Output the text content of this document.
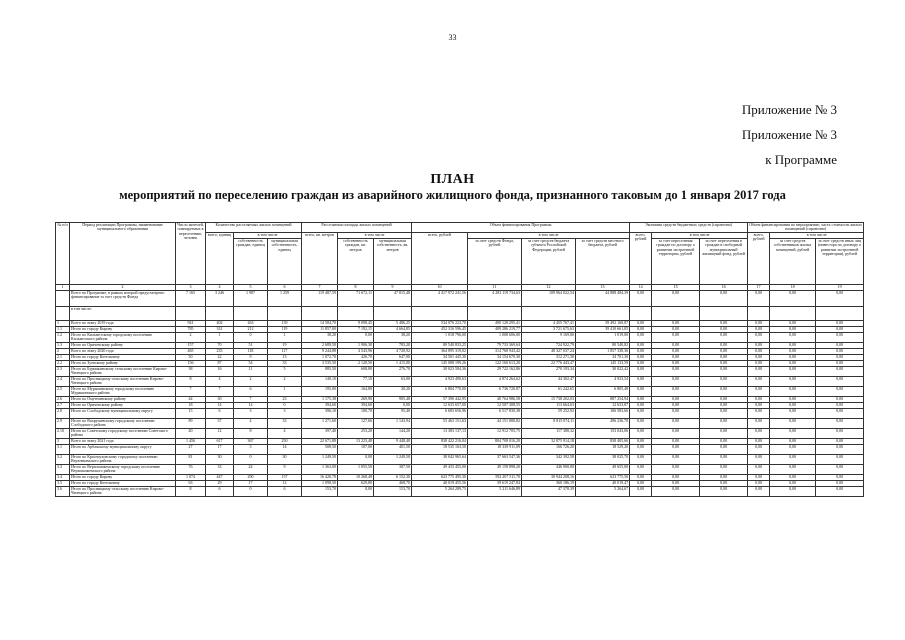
33
Приложение № 3
Приложение № 3
к Программе
ПЛАН
мероприятий по переселению граждан из аварийного жилищного фонда, признанного таковым до 1 января 2017 года
№ п/п	Период реализации Программы, наименование муниципального образования	Число жителей, планируемых к переселению, человек	Количество расселяемых жилых помещений			Расселяемая площадь жилых помещений			Объем финансирования Программы				Экономия средств бюджетных средств (справочно)			Объем финансирования по мероприятию, часть стоимости жилых помещений (справочно)		
			всего, единиц	в том числе		всего, кв. метров	в том числе		всего, рублей	в том числе			всего, рублей	в том числе		всего, рублей	в том числе	
				собственность граждан, единиц	муниципальная собственность, единиц		собственность граждан, кв. метров	муниципальная собственность, кв. метров		за счет средств Фонда, рублей	за счет средств бюджета субъекта Российской Федерации, рублей	за счет средств местного бюджета, рублей		за счет переселения граждан по договору о развитии застроенной территории, рублей	за счет переселения в граждан в свободный муниципальный жилищный фонд, рублей		за счет средств собственников жилых помещений, рублей	за счет средств иных лиц (инвестора по договору о развитии застроенной территории), рублей
1	2	3	4	5	6	7	8	9	10	11	12	13	14	15	16	17	18	19
	Всего по Программе, в рамках которой предусмотрено финансирование за счет средств Фонда	7 165	3 246	1 987	1 259	119 487,59	71 672,11	47 815,48	4 417 972 241,56	4 283 119 734,63	109 964 022,54	44 888 484,39	0,00	0,00	0,00	0,00	0,00	0,00
	в том числе:																	
1	Всего по этапу 2019 года	941	402	263	139	14 584,70	9 098,45	5 486,25	534 076 223,70	490 128 295,41	4 455 767,41	39 492 160,87	0,00	0,00	0,00	0,00	0,00	0,00
1.1	Итого по городу Кирову	785	331	212	119	11 857,00	7 192,15	4 664,85	452 316 596,45	409 286 219,77	3 721 675,63	39 410 661,05	0,00	0,00	0,00	0,00	0,00	0,00
1.2	Итого по Кильмезскому городскому поселению Кильмезского района	2	1	0	1	38,20	0,00	38,20	1 018 796,00	1 008 606,00	9 169,00	1 019,00	0,00	0,00	0,00	0,00	0,00	0,00
1.3	Итого по Оричевскому району	157	70	51	19	2 689,50	1 906,30	783,20	80 540 833,25	79 733 369,64	724 922,79	80 540,82	0,00	0,00	0,00	0,00	0,00	0,00
2	Всего по этапу 2020 года	465	235	118	117	9 244,88	4 543,96	4 720,92	364 895 319,02	314 768 943,42	48 327 037,24	1 857 338,36	0,00	0,00	0,00	0,00	0,00	0,00
2.1	Итого по городу Котельничу	50	22	9	13	1 072,70	426,70	647,00	34 501 445,30	34 154 670,30	312 271,30	34 701,30	0,00	0,00	0,00	0,00	0,00	0,00
2.2	Итого по Зуевскому району	156	87	54	33	3 535,50	2 120,50	1 415,00	145 088 199,26	122 160 613,20	22 776 443,47	145 133,59	0,00	0,00	0,00	0,00	0,00	0,00
2.3	Итого по Бурмакинскому сельскому поселению Кирово-Чепецкого района	38	16	11	5	885,50	608,80	276,70	30 023 584,36	29 722 162,86	270 193,34	30 022,42	0,00	0,00	0,00	0,00	0,00	0,00
2.4	Итого по Просницкому сельскому поселению Кирово-Чепецкого района	8	4	2	2	140,10	77,10	63,00	4 923 490,63	4 874 264,62	44 302,47	4 923,54	0,00	0,00	0,00	0,00	0,00	0,00
2.5	Итого по Мурашинскому городскому поселению Мурашинского района	7	7	6	1	195,00	164,80	30,20	6 804 770,00	6 736 720,87	61 242,65	6 805,48	0,00	0,00	0,00	0,00	0,00	0,00
2.6	Итого по Омутнинскому району	44	30	7	23	1 175,38	269,90	905,48	57 390 442,95	40 764 986,58	15 738 202,03	887 254,94	0,00	0,00	0,00	0,00	0,00	0,00
2.7	Итого по Оричевскому району	18	14	14	0	394,60	394,60	0,00	12 633 657,00	12 507 308,55	113 664,63	12 633,87	0,00	0,00	0,00	0,00	0,00	0,00
2.8	Итого по Слободскому муниципальному округу	15	6	3	3	396,10	100,70	95,40	6 683 656,96	6 517 830,38	59 252,92	106 583,66	0,00	0,00	0,00	0,00	0,00	0,00
2.9	Итого по Вахрушевскому городскому поселению Слободского района	89	37	4	33	1 271,60	127,66	1 143,94	53 463 151,63	44 151 880,82	8 815 074,11	496 236,70	0,00	0,00	0,00	0,00	0,00	0,00
2.10	Итого по Советскому городскому поселению Советского района	40	12	8	4	397,40	253,20	144,20	13 383 137,13	12 912 705,75	117 388,32	153 043,06	0,00	0,00	0,00	0,00	0,00	0,00
3	Всего по этапу 2021 года	1 456	617	367	250	22 671,88	13 223,48	9 448,40	838 422 216,04	804 708 016,20	32 875 914,18	838 405,66	0,00	0,00	0,00	0,00	0,00	0,00
3.1	Итого по Арбажскому муниципальному округу	27	17	3	14	508,50	107,00	401,50	18 535 163,50	18 339 911,09	166 726,20	18 529,20	0,00	0,00	0,00	0,00	0,00	0,00
3.2	Итого по Красноуховскому городскому поселению Верхнекамского района	81	30	0	30	1 249,50	0,00	1 249,50	38 042 965,64	37 663 547,36	342 392,58	38 025,70	0,00	0,00	0,00	0,00	0,00	0,00
3.3	Итого по Верхошижемскому городскому поселению Верхошижемского района	76	33	24	9	1 363,00	1 055,50	307,50	49 433 455,00	49 158 898,20	446 900,00	49 655,00	0,00	0,00	0,00	0,00	0,00	0,00
3.4	Итого по городу Кирову	1 074	447	290	157	16 420,78	10 268,48	6 152,30	623 775 495,30	592 207 511,70	30 944 208,16	623 775,50	0,00	0,00	0,00	0,00	0,00	0,00
3.5	Итого по городу Котельничу	63	29	17	12	1 098,50	629,80	468,70	40 019 455,56	39 619 247,84	360 186,19	40 019,47	0,00	0,00	0,00	0,00	0,00	0,00
3.6	Итого по Просницкому сельскому поселению Кирово-Чепецкого района	8	6	0	6	153,70	0,00	153,70	5 264 289,75	5 211 646,89	47 378,39	5 264,67	0,00	0,00	0,00	0,00	0,00	0,00
